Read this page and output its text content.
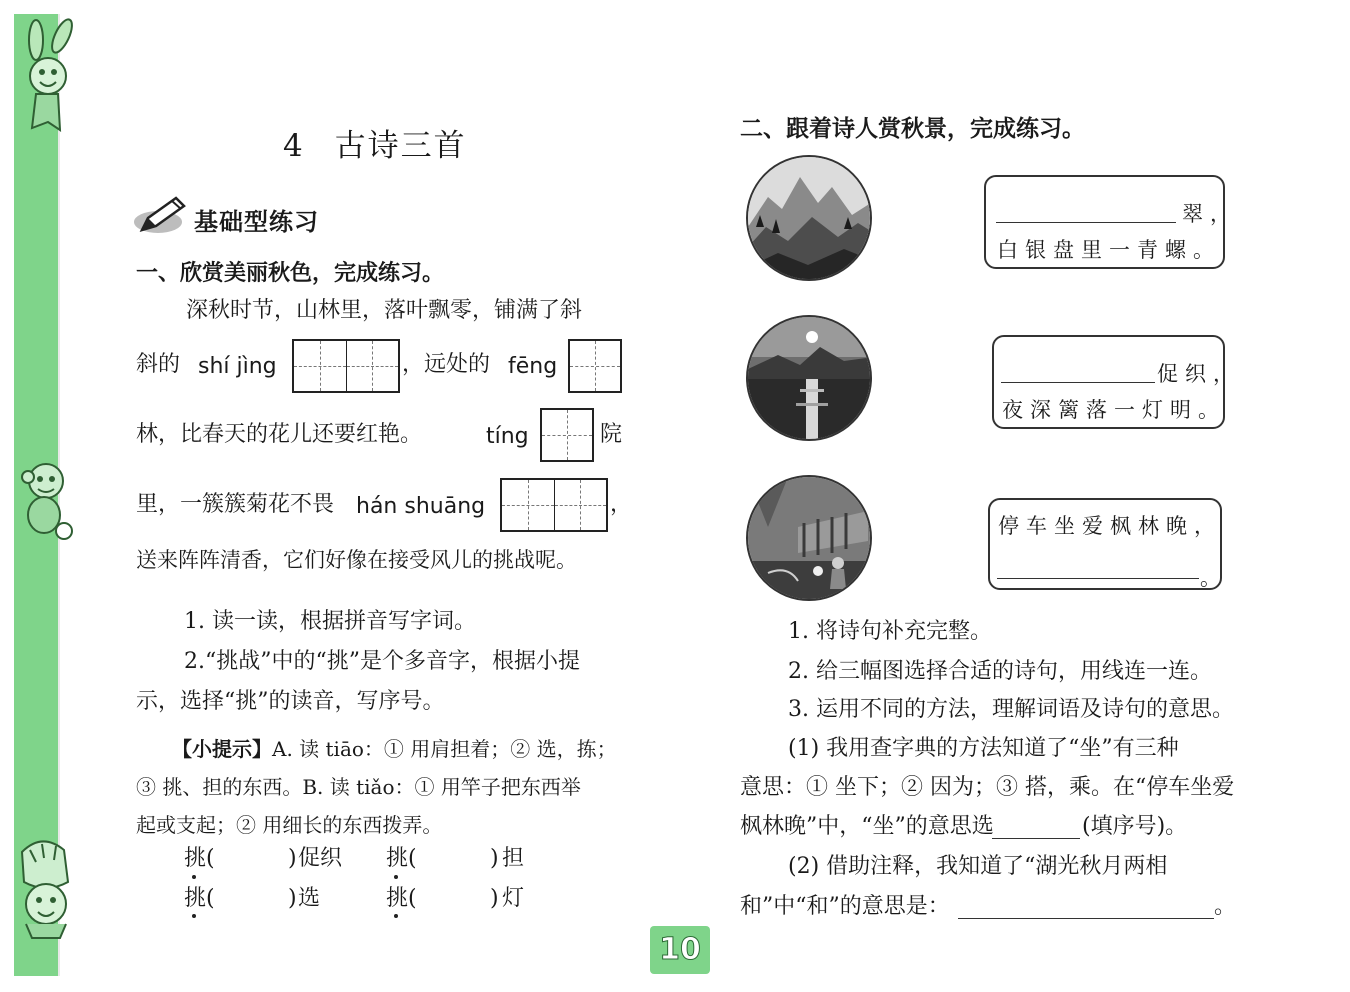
4 古诗三首
基础型练习
一、欣赏美丽秋色，完成练习。
深秋时节，山林里，落叶飘零，铺满了斜
斜的 shí jìng	，远处的 fēng
林，比春天的花儿还要红艳。	tíng	院
里，一簇簇菊花不畏 hán shuāng	，
送来阵阵清香，它们好像在接受风儿的挑战呢。
1. 读一读，根据拼音写字词。
2.“挑战”中的“挑”是个多音字，根据小提
示，选择“挑”的读音，写序号。
【小提示】A. 读 tiāo：① 用肩担着；② 选，拣；
③ 挑、担的东西。B. 读 tiǎo：① 用竿子把东西举
起或支起；② 用细长的东西拨弄。
挑 (	) 促织 挑 (	) 担
挑 (	) 选	挑 (	) 灯
10
二、跟着诗人赏秋景，完成练习。
翠，
白银盘里一青螺。
促织，
夜深篱落一灯明。
停车坐爱枫林晚，
。
1. 将诗句补充完整。
2. 给三幅图选择合适的诗句，用线连一连。
3. 运用不同的方法，理解词语及诗句的意思。
(1) 我用查字典的方法知道了“坐”有三种
意思：① 坐下；② 因为；③ 搭，乘。在“停车坐爱
枫林晚”中，“坐”的意思选	(填序号)。
(2) 借助注释，我知道了“湖光秋月两相
和”中“和”的意思是：	。
